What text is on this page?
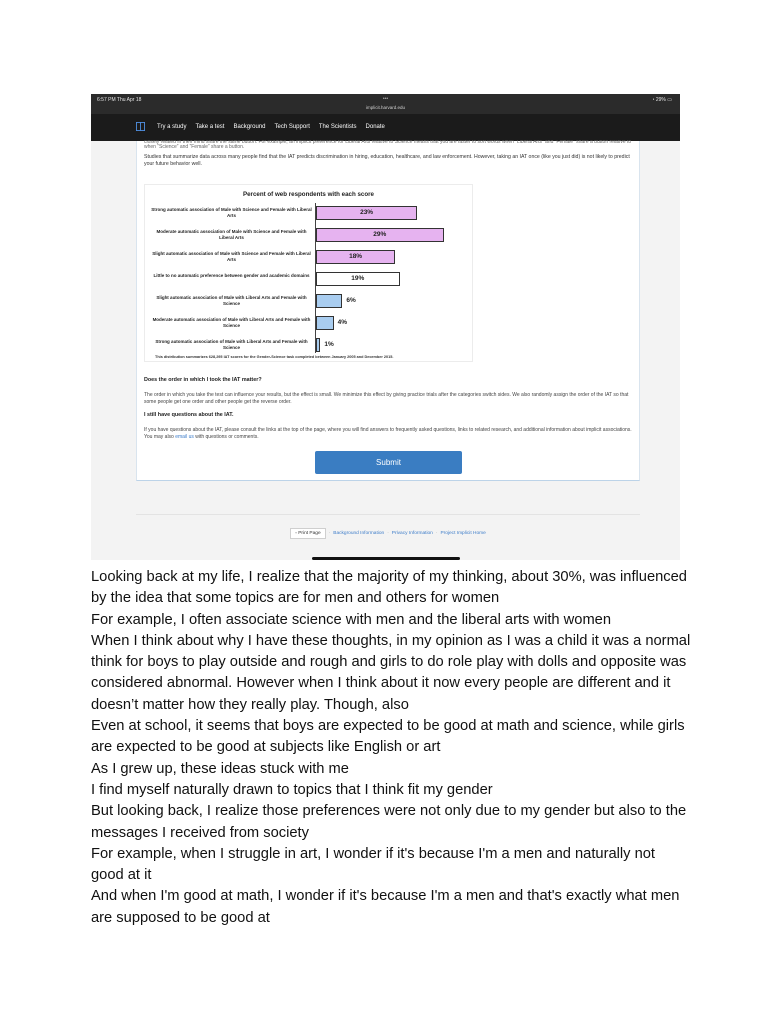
6:57 PM Thu Apr 18	•••
implicit.harvard.edu
◔ 29% ▭
Try a study Take a test Background Tech Support The Scientists Donate
closely related in their mind share the same button. For example, an implicit preference for Liberal Arts relative to Science means that you are faster to sort words when “Liberal Arts” and “Female” share a button relative to when “Science” and “Female” share a button.

Studies that summarize data across many people find that the IAT predicts discrimination in hiring, education, healthcare, and law enforcement. However, taking an IAT once (like you just did) is not likely to predict your future behavior well.

Percent of web respondents with each score
This distribution summarizes 628,295 IAT scores for the Gender-Science task completed between January 2005 and December 2015.
Strong automatic association of Male with Science and Female with Liberal Arts	23%
Moderate automatic association of Male with Science and Female with Liberal Arts	29%
Slight automatic association of Male with Science and Female with Liberal Arts	18%
Little to no automatic preference between gender and academic domains	19%
Slight automatic association of Male with Liberal Arts and Female with Science	6%
Moderate automatic association of Male with Liberal Arts and Female with Science	4%
Strong automatic association of Male with Liberal Arts and Female with Science	1%
Does the order in which I took the IAT matter?

The order in which you take the test can influence your results, but the effect is small. We minimize this effect by giving practice trials after the categories switch sides. We also randomly assign the order of the IAT so that some people get one order and other people get the reverse order.

I still have questions about the IAT.

If you have questions about the IAT, please consult the links at the top of the page, where you will find answers to frequently asked questions, links to related research, and additional information about implicit associations. You may also email us with questions or comments.

Submit
▫ Print Page	· Background Information · Privacy Information · Project Implicit Home

Looking back at my life, I realize that the majority of my thinking, about 30%, was influenced by the idea that some topics are for men and others for women

For example, I often associate science with men and the liberal arts with women

When I think about why I have these thoughts, in my opinion as I was a child it was a normal think for boys to play outside and rough and girls to do role play with dolls and opposite was considered abnormal. However when I think about it now every people are different and it doesn’t matter how they really play. Though, also

Even at school, it seems that boys are expected to be good at math and science, while girls are expected to be good at subjects like English or art

As I grew up, these ideas stuck with me

I find myself naturally drawn to topics that I think fit my gender

But looking back, I realize those preferences were not only due to my gender but also to the messages I received from society

For example, when I struggle in art, I wonder if it's because I'm a men and naturally not good at it

And when I'm good at math, I wonder if it's because I'm a men and that's exactly what men are supposed to be good at
